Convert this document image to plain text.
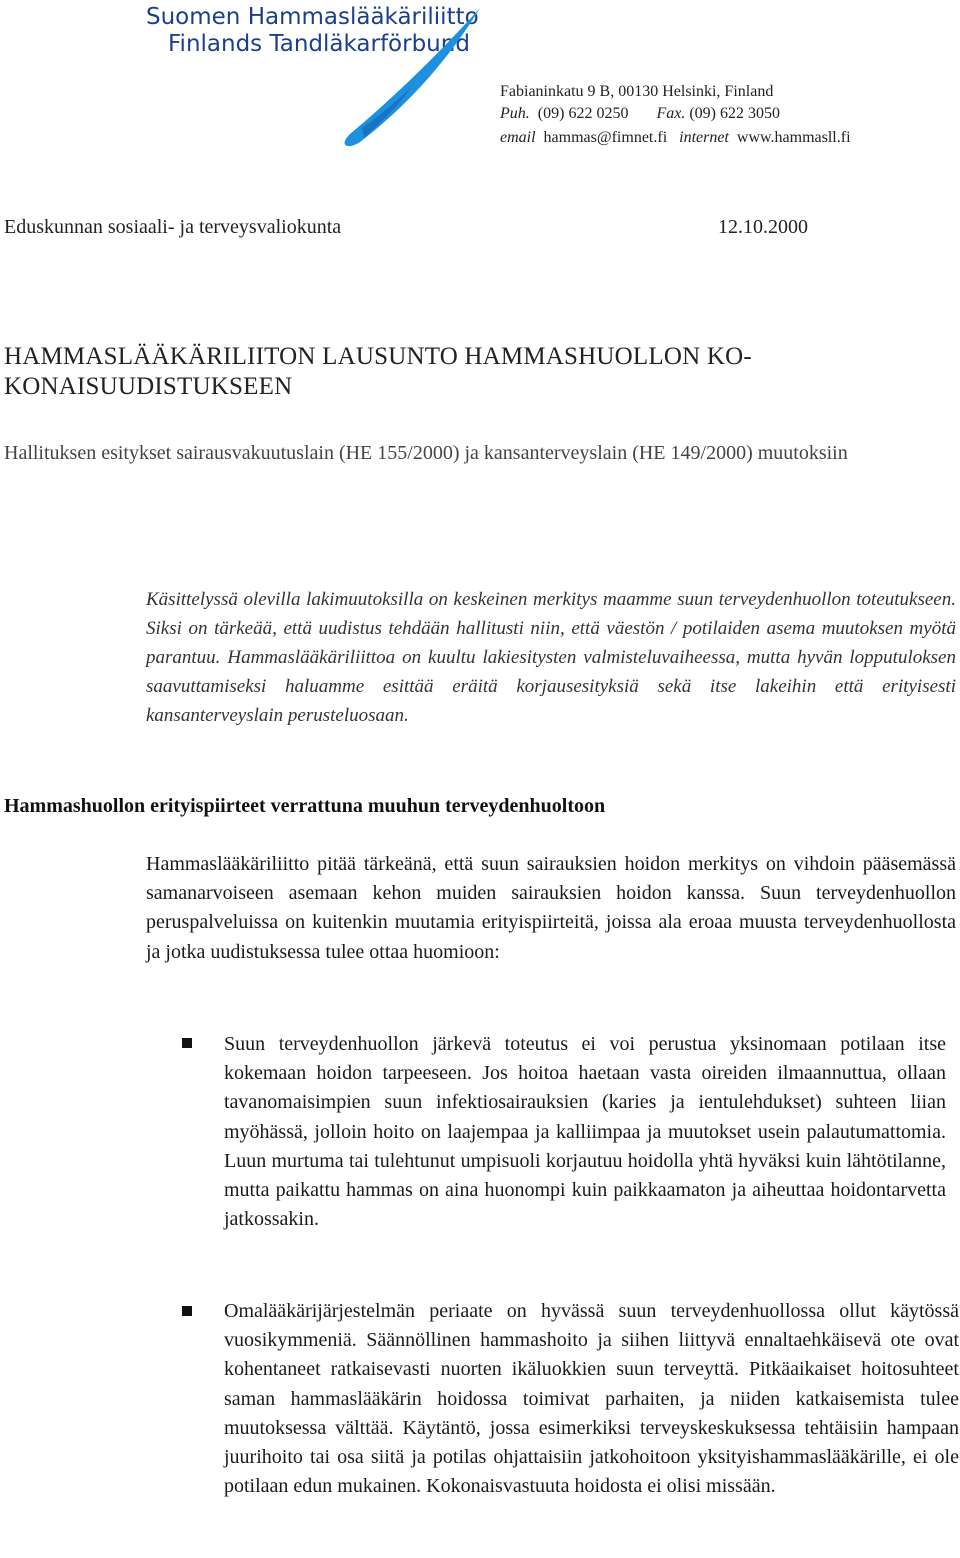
Suomen Hammaslääkäriliitto
Finlands Tandläkarförbund
Fabianinkatu 9 B, 00130 Helsinki, Finland
Puh. (09) 622 0250 Fax. (09) 622 3050
email hammas@fimnet.fi internet www.hammasll.fi
Eduskunnan sosiaali- ja terveysvaliokunta	12.10.2000
HAMMASLÄÄKÄRILIITON LAUSUNTO HAMMASHUOLLON KO-
KONAISUUDISTUKSEEN
Hallituksen esitykset sairausvakuutuslain (HE 155/2000) ja kansanterveyslain (HE 149/2000) muutoksiin
Käsittelyssä olevilla lakimuutoksilla on keskeinen merkitys maamme suun terveydenhuollon toteutukseen. Siksi on tärkeää, että uudistus tehdään hallitusti niin, että väestön / potilaiden asema muutoksen myötä parantuu. Hammaslääkäriliittoa on kuultu lakiesitysten valmisteluvaiheessa, mutta hyvän lopputuloksen saavuttamiseksi haluamme esittää eräitä korjausesityksiä sekä itse lakeihin että erityisesti kansanterveyslain perusteluosaan.
Hammashuollon erityispiirteet verrattuna muuhun terveydenhuoltoon
Hammaslääkäriliitto pitää tärkeänä, että suun sairauksien hoidon merkitys on vihdoin pääsemässä samanarvoiseen asemaan kehon muiden sairauksien hoidon kanssa. Suun terveydenhuollon peruspalveluissa on kuitenkin muutamia erityispiirteitä, joissa ala eroaa muusta terveydenhuollosta ja jotka uudistuksessa tulee ottaa huomioon:
Suun terveydenhuollon järkevä toteutus ei voi perustua yksinomaan potilaan itse kokemaan hoidon tarpeeseen. Jos hoitoa haetaan vasta oireiden ilmaannuttua, ollaan tavanomaisimpien suun infektiosairauksien (karies ja ientulehdukset) suhteen liian myöhässä, jolloin hoito on laajempaa ja kalliimpaa ja muutokset usein palautumattomia. Luun murtuma tai tulehtunut umpisuoli korjautuu hoidolla yhtä hyväksi kuin lähtötilanne, mutta paikattu hammas on aina huonompi kuin paikkaamaton ja aiheuttaa hoidontarvetta jatkossakin.
Omalääkärijärjestelmän periaate on hyvässä suun terveydenhuollossa ollut käytössä vuosikymmeniä. Säännöllinen hammashoito ja siihen liittyvä ennaltaehkäisevä ote ovat kohentaneet ratkaisevasti nuorten ikäluokkien suun terveyttä. Pitkäaikaiset hoitosuhteet saman hammaslääkärin hoidossa toimivat parhaiten, ja niiden katkaisemista tulee muutoksessa välttää. Käytäntö, jossa esimerkiksi terveyskeskuksessa tehtäisiin hampaan juurihoito tai osa siitä ja potilas ohjattaisiin jatkohoitoon yksityishammaslääkärille, ei ole potilaan edun mukainen. Kokonaisvastuuta hoidosta ei olisi missään.
